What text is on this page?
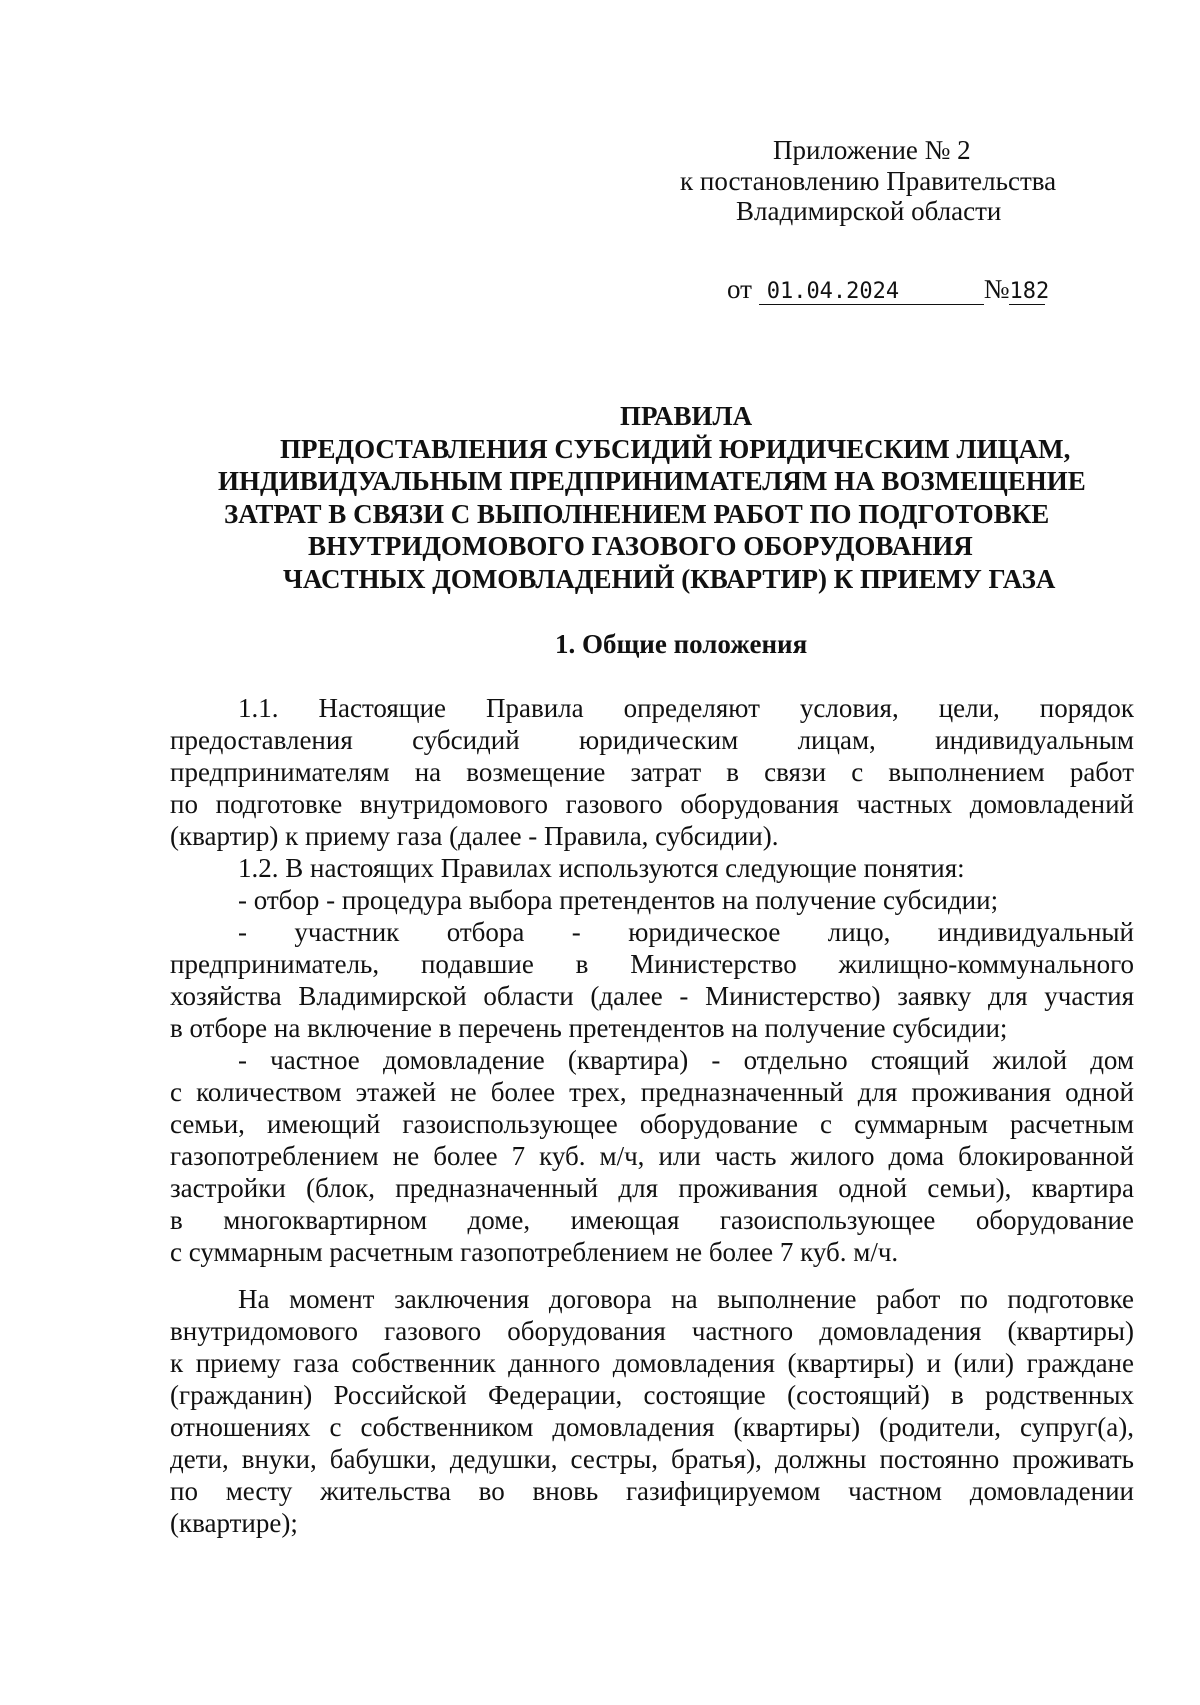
Приложение № 2
к постановлению Правительства
Владимирской области
от 01.04.2024	№182
ПРАВИЛА
ПРЕДОСТАВЛЕНИЯ СУБСИДИЙ ЮРИДИЧЕСКИМ ЛИЦАМ,
ИНДИВИДУАЛЬНЫМ ПРЕДПРИНИМАТЕЛЯМ НА ВОЗМЕЩЕНИЕ
ЗАТРАТ В СВЯЗИ С ВЫПОЛНЕНИЕМ РАБОТ ПО ПОДГОТОВКЕ
ВНУТРИДОМОВОГО ГАЗОВОГО ОБОРУДОВАНИЯ
ЧАСТНЫХ ДОМОВЛАДЕНИЙ (КВАРТИР) К ПРИЕМУ ГАЗА
1. Общие положения
1.1. Настоящие Правила определяют условия, цели, порядок
предоставления субсидий юридическим лицам, индивидуальным
предпринимателям на возмещение затрат в связи с выполнением работ
по подготовке внутридомового газового оборудования частных домовладений
(квартир) к приему газа (далее - Правила, субсидии).
1.2. В настоящих Правилах используются следующие понятия:
- отбор - процедура выбора претендентов на получение субсидии;
- участник отбора - юридическое лицо, индивидуальный
предприниматель, подавшие в Министерство жилищно-коммунального
хозяйства Владимирской области (далее - Министерство) заявку для участия
в отборе на включение в перечень претендентов на получение субсидии;
- частное домовладение (квартира) - отдельно стоящий жилой дом
с количеством этажей не более трех, предназначенный для проживания одной
семьи, имеющий газоиспользующее оборудование с суммарным расчетным
газопотреблением не более 7 куб. м/ч, или часть жилого дома блокированной
застройки (блок, предназначенный для проживания одной семьи), квартира
в многоквартирном доме, имеющая газоиспользующее оборудование
с суммарным расчетным газопотреблением не более 7 куб. м/ч.
На момент заключения договора на выполнение работ по подготовке
внутридомового газового оборудования частного домовладения (квартиры)
к приему газа собственник данного домовладения (квартиры) и (или) граждане
(гражданин) Российской Федерации, состоящие (состоящий) в родственных
отношениях с собственником домовладения (квартиры) (родители, супруг(а),
дети, внуки, бабушки, дедушки, сестры, братья), должны постоянно проживать
по месту жительства во вновь газифицируемом частном домовладении
(квартире);
